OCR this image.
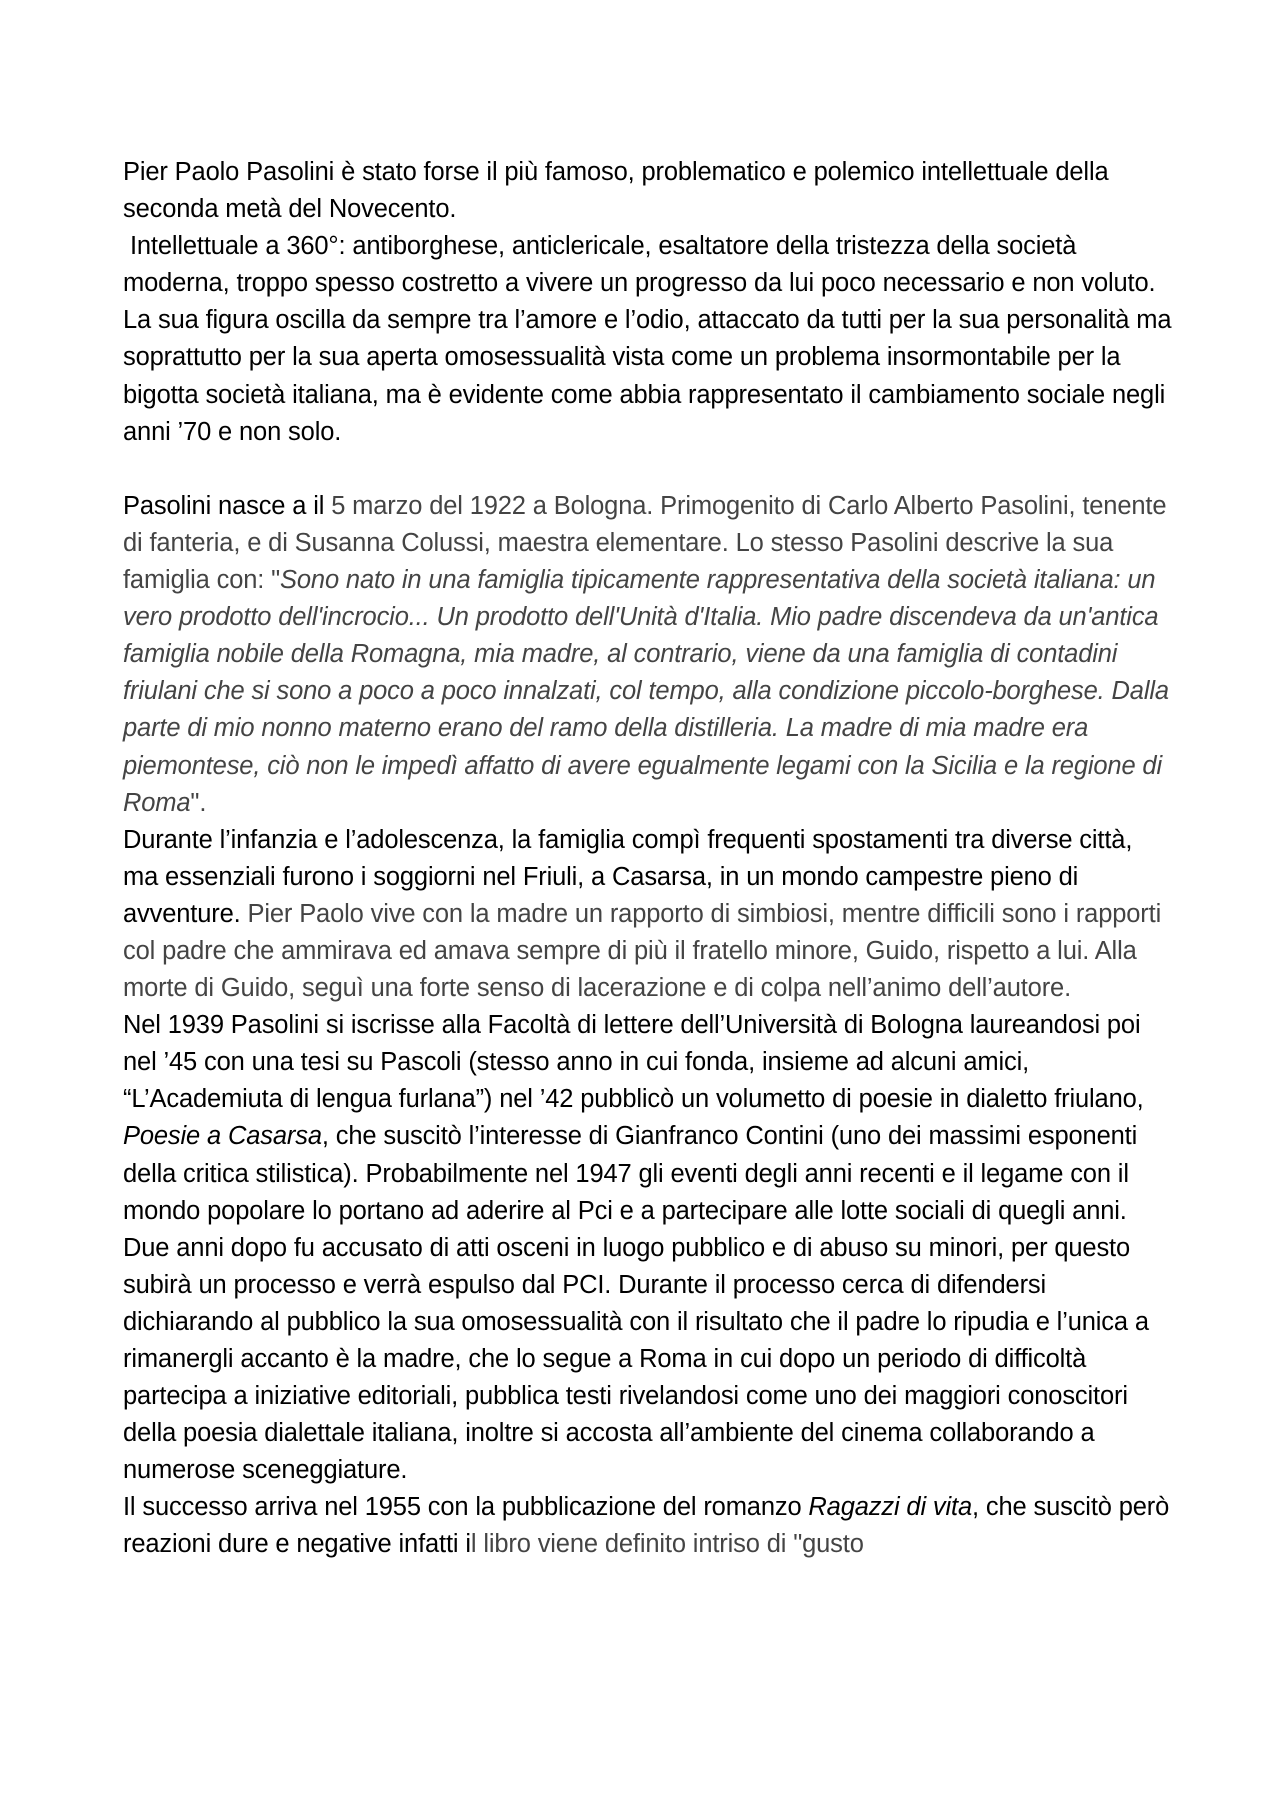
Pier Paolo Pasolini è stato forse il più famoso, problematico e polemico intellettuale della seconda metà del Novecento.

Intellettuale a 360°: antiborghese, anticlericale, esaltatore della tristezza della società moderna, troppo spesso costretto a vivere un progresso da lui poco necessario e non voluto. La sua figura oscilla da sempre tra l’amore e l’odio, attaccato da tutti per la sua personalità ma soprattutto per la sua aperta omosessualità vista come un problema insormontabile per la bigotta società italiana, ma è evidente come abbia rappresentato il cambiamento sociale negli anni ’70 e non solo.

Pasolini nasce a il 5 marzo del 1922 a Bologna. Primogenito di Carlo Alberto Pasolini, tenente di fanteria, e di Susanna Colussi, maestra elementare. Lo stesso Pasolini descrive la sua famiglia con: "Sono nato in una famiglia tipicamente rappresentativa della società italiana: un vero prodotto dell'incrocio... Un prodotto dell'Unità d'Italia. Mio padre discendeva da un'antica famiglia nobile della Romagna, mia madre, al contrario, viene da una famiglia di contadini friulani che si sono a poco a poco innalzati, col tempo, alla condizione piccolo-borghese. Dalla parte di mio nonno materno erano del ramo della distilleria. La madre di mia madre era piemontese, ciò non le impedì affatto di avere egualmente legami con la Sicilia e la regione di Roma".

Durante l’infanzia e l’adolescenza, la famiglia compì frequenti spostamenti tra diverse città, ma essenziali furono i soggiorni nel Friuli, a Casarsa, in un mondo campestre pieno di avventure. Pier Paolo vive con la madre un rapporto di simbiosi, mentre difficili sono i rapporti col padre che ammirava ed amava sempre di più il fratello minore, Guido, rispetto a lui. Alla morte di Guido, seguì una forte senso di lacerazione e di colpa nell’animo dell’autore.

Nel 1939 Pasolini si iscrisse alla Facoltà di lettere dell’Università di Bologna laureandosi poi nel ’45 con una tesi su Pascoli (stesso anno in cui fonda, insieme ad alcuni amici, “L’Academiuta di lengua furlana”) nel ’42 pubblicò un volumetto di poesie in dialetto friulano, Poesie a Casarsa, che suscitò l’interesse di Gianfranco Contini (uno dei massimi esponenti della critica stilistica). Probabilmente nel 1947 gli eventi degli anni recenti e il legame con il mondo popolare lo portano ad aderire al Pci e a partecipare alle lotte sociali di quegli anni. Due anni dopo fu accusato di atti osceni in luogo pubblico e di abuso su minori, per questo subirà un processo e verrà espulso dal PCI. Durante il processo cerca di difendersi dichiarando al pubblico la sua omosessualità con il risultato che il padre lo ripudia e l’unica a rimanergli accanto è la madre, che lo segue a Roma in cui dopo un periodo di difficoltà partecipa a iniziative editoriali, pubblica testi rivelandosi come uno dei maggiori conoscitori della poesia dialettale italiana, inoltre si accosta all’ambiente del cinema collaborando a numerose sceneggiature.

Il successo arriva nel 1955 con la pubblicazione del romanzo Ragazzi di vita, che suscitò però reazioni dure e negative infatti il libro viene definito intriso di "gusto
